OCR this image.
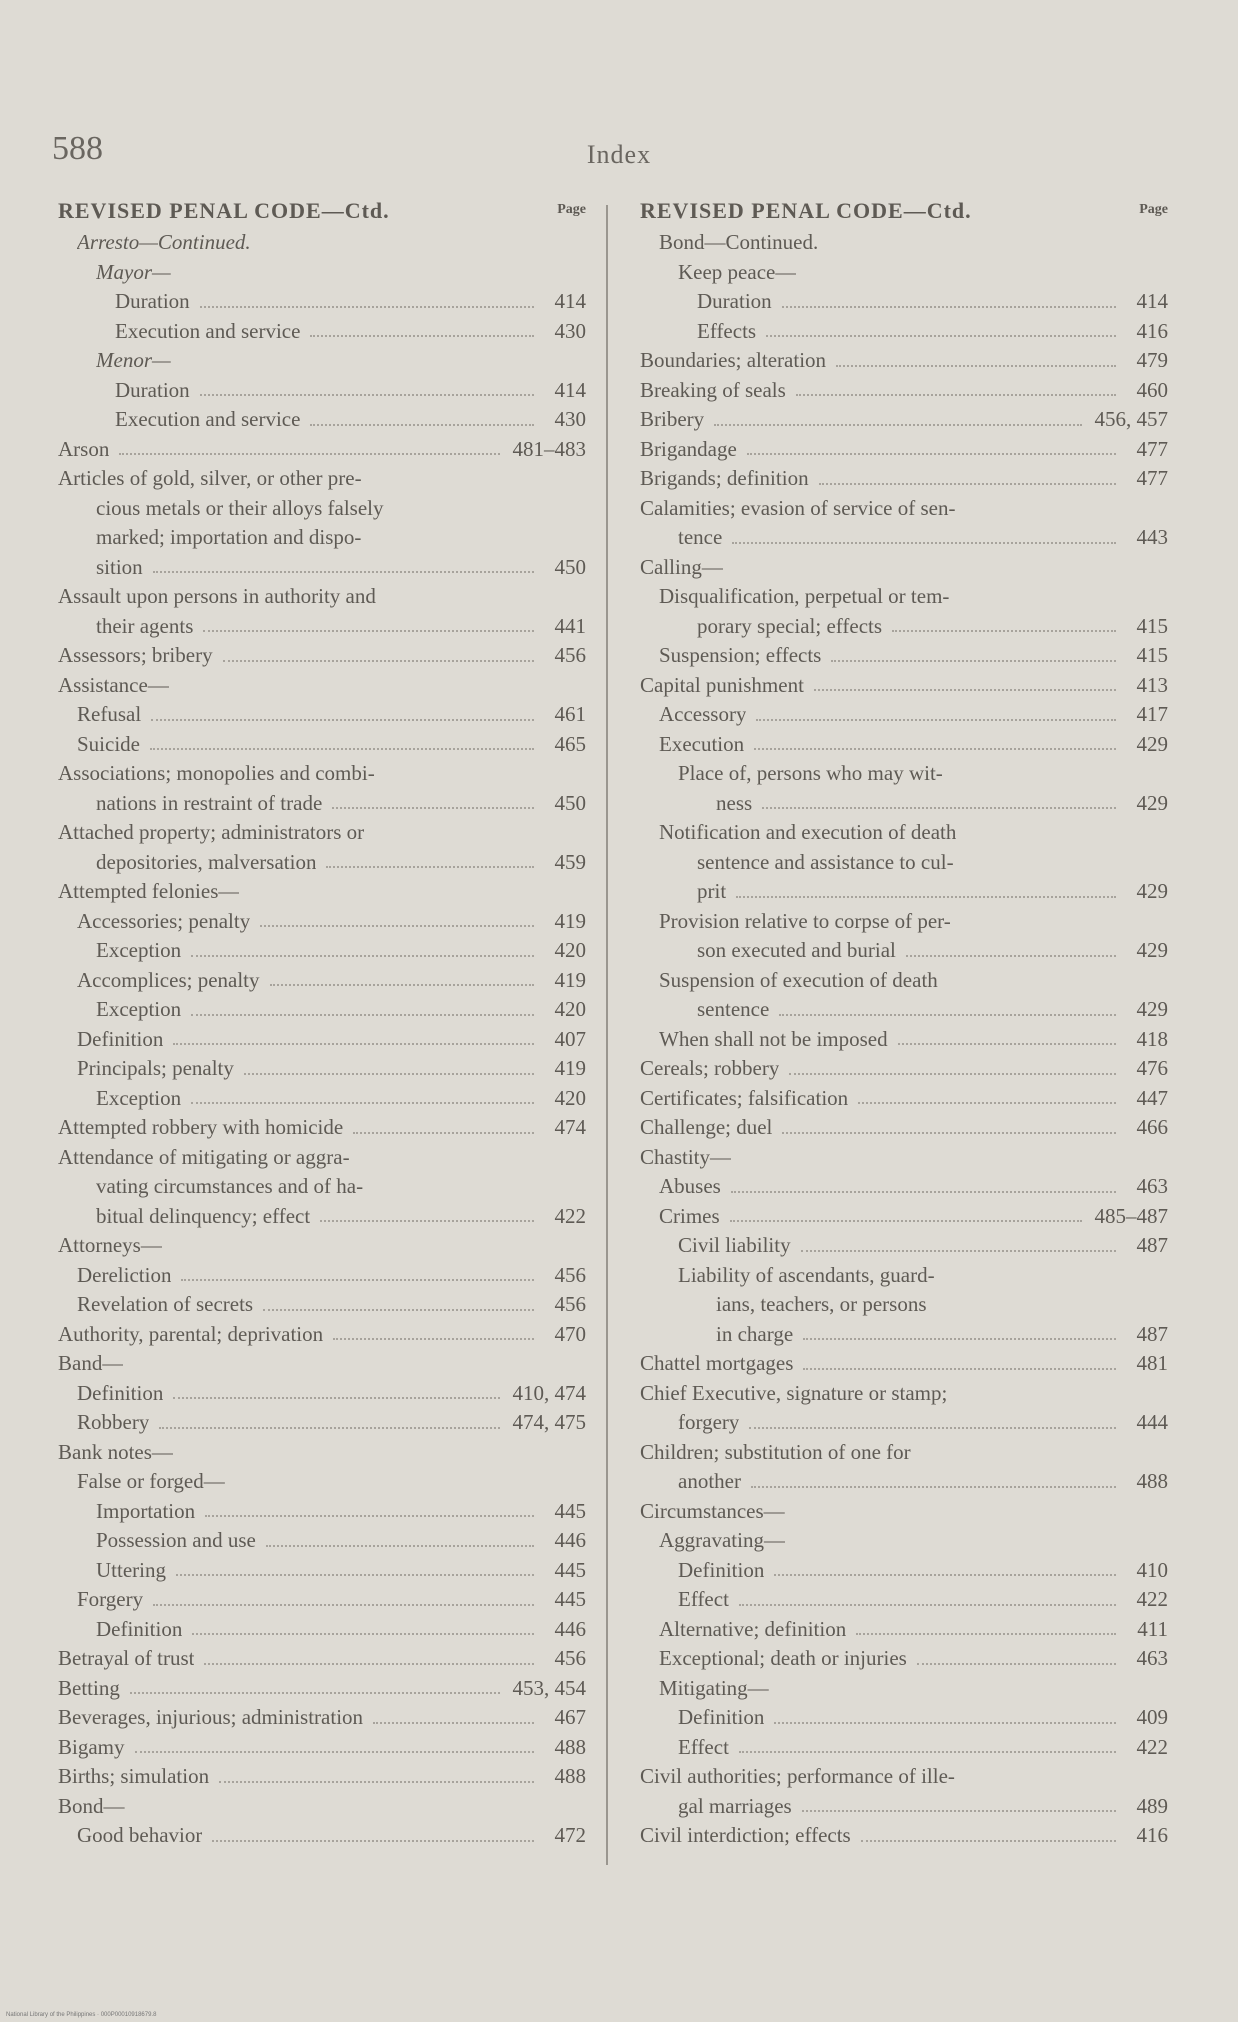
588	Index
REVISED PENAL CODE—Ctd.	Page
Arresto—Continued.
Mayor—
Duration	414
Execution and service	430
Menor—
Duration	414
Execution and service	430
Arson	481–483
Articles of gold, silver, or other pre-
cious metals or their alloys falsely
marked; importation and dispo-
sition	450
Assault upon persons in authority and
their agents	441
Assessors; bribery	456
Assistance—
Refusal	461
Suicide	465
Associations; monopolies and combi-
nations in restraint of trade	450
Attached property; administrators or
depositories, malversation	459
Attempted felonies—
Accessories; penalty	419
Exception	420
Accomplices; penalty	419
Exception	420
Definition	407
Principals; penalty	419
Exception	420
Attempted robbery with homicide	474
Attendance of mitigating or aggra-
vating circumstances and of ha-
bitual delinquency; effect	422
Attorneys—
Dereliction	456
Revelation of secrets	456
Authority, parental; deprivation	470
Band—
Definition	410, 474
Robbery	474, 475
Bank notes—
False or forged—
Importation	445
Possession and use	446
Uttering	445
Forgery	445
Definition	446
Betrayal of trust	456
Betting	453, 454
Beverages, injurious; administration	467
Bigamy	488
Births; simulation	488
Bond—
Good behavior	472
REVISED PENAL CODE—Ctd.	Page
Bond—Continued.
Keep peace—
Duration	414
Effects	416
Boundaries; alteration	479
Breaking of seals	460
Bribery	456, 457
Brigandage	477
Brigands; definition	477
Calamities; evasion of service of sen-
tence	443
Calling—
Disqualification, perpetual or tem-
porary special; effects	415
Suspension; effects	415
Capital punishment	413
Accessory	417
Execution	429
Place of, persons who may wit-
ness	429
Notification and execution of death
sentence and assistance to cul-
prit	429
Provision relative to corpse of per-
son executed and burial	429
Suspension of execution of death
sentence	429
When shall not be imposed	418
Cereals; robbery	476
Certificates; falsification	447
Challenge; duel	466
Chastity—
Abuses	463
Crimes	485–487
Civil liability	487
Liability of ascendants, guard-
ians, teachers, or persons
in charge	487
Chattel mortgages	481
Chief Executive, signature or stamp;
forgery	444
Children; substitution of one for
another	488
Circumstances—
Aggravating—
Definition	410
Effect	422
Alternative; definition	411
Exceptional; death or injuries	463
Mitigating—
Definition	409
Effect	422
Civil authorities; performance of ille-
gal marriages	489
Civil interdiction; effects	416
National Library of the Philippines · 000P00010918679.8
